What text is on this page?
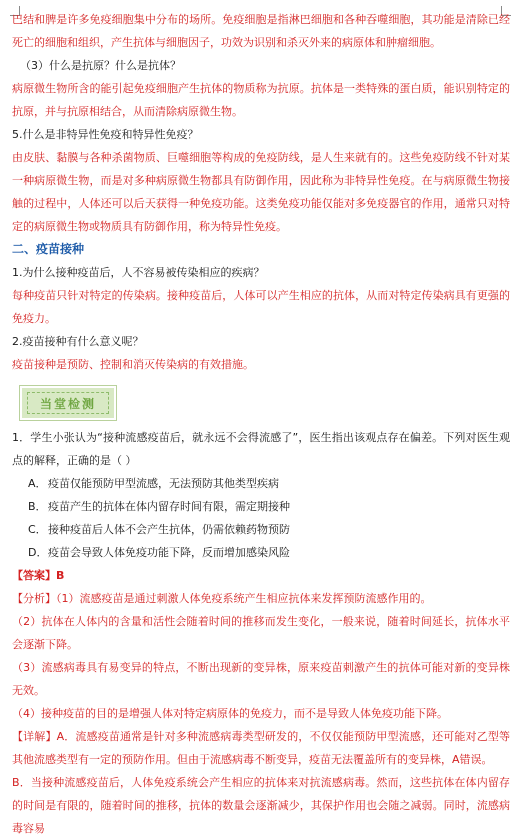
巴结和脾是许多免疫细胞集中分布的场所。免疫细胞是指淋巴细胞和各种吞噬细胞，其功能是清除已经死亡的细胞和组织，产生抗体与细胞因子，功效为识别和杀灭外来的病原体和肿瘤细胞。

（3）什么是抗原？什么是抗体？

病原微生物所含的能引起免疫细胞产生抗体的物质称为抗原。抗体是一类特殊的蛋白质，能识别特定的抗原，并与抗原相结合，从而清除病原微生物。

5.什么是非特异性免疫和特异性免疫？

由皮肤、黏膜与各种杀菌物质、巨噬细胞等构成的免疫防线，是人生来就有的。这些免疫防线不针对某一种病原微生物，而是对多种病原微生物都具有防御作用，因此称为非特异性免疫。在与病原微生物接触的过程中，人体还可以后天获得一种免疫功能。这类免疫功能仅能对多免疫器官的作用，通常只对特定的病原微生物或物质具有防御作用，称为特异性免疫。

二、疫苗接种

1.为什么接种疫苗后，人不容易被传染相应的疾病？

每种疫苗只针对特定的传染病。接种疫苗后，人体可以产生相应的抗体，从而对特定传染病具有更强的免疫力。

2.疫苗接种有什么意义呢？

疫苗接种是预防、控制和消灭传染病的有效措施。

当堂检测

1．学生小张认为“接种流感疫苗后，就永远不会得流感了”，医生指出该观点存在偏差。下列对医生观点的解释，正确的是（ ）

A．疫苗仅能预防甲型流感，无法预防其他类型疾病
B．疫苗产生的抗体在体内留存时间有限，需定期接种
C．接种疫苗后人体不会产生抗体，仍需依赖药物预防
D．疫苗会导致人体免疫功能下降，反而增加感染风险

【答案】B

【分析】（1）流感疫苗是通过刺激人体免疫系统产生相应抗体来发挥预防流感作用的。

（2）抗体在人体内的含量和活性会随着时间的推移而发生变化，一般来说，随着时间延长，抗体水平会逐渐下降。

（3）流感病毒具有易变异的特点，不断出现新的变异株，原来疫苗刺激产生的抗体可能对新的变异株无效。

（4）接种疫苗的目的是增强人体对特定病原体的免疫力，而不是导致人体免疫功能下降。

【详解】A．流感疫苗通常是针对多种流感病毒类型研发的，不仅仅能预防甲型流感，还可能对乙型等其他流感类型有一定的预防作用。但由于流感病毒不断变异，疫苗无法覆盖所有的变异株，A错误。

B．当接种流感疫苗后，人体免疫系统会产生相应的抗体来对抗流感病毒。然而，这些抗体在体内留存的时间是有限的，随着时间的推移，抗体的数量会逐渐减少，其保护作用也会随之减弱。同时，流感病毒容易
